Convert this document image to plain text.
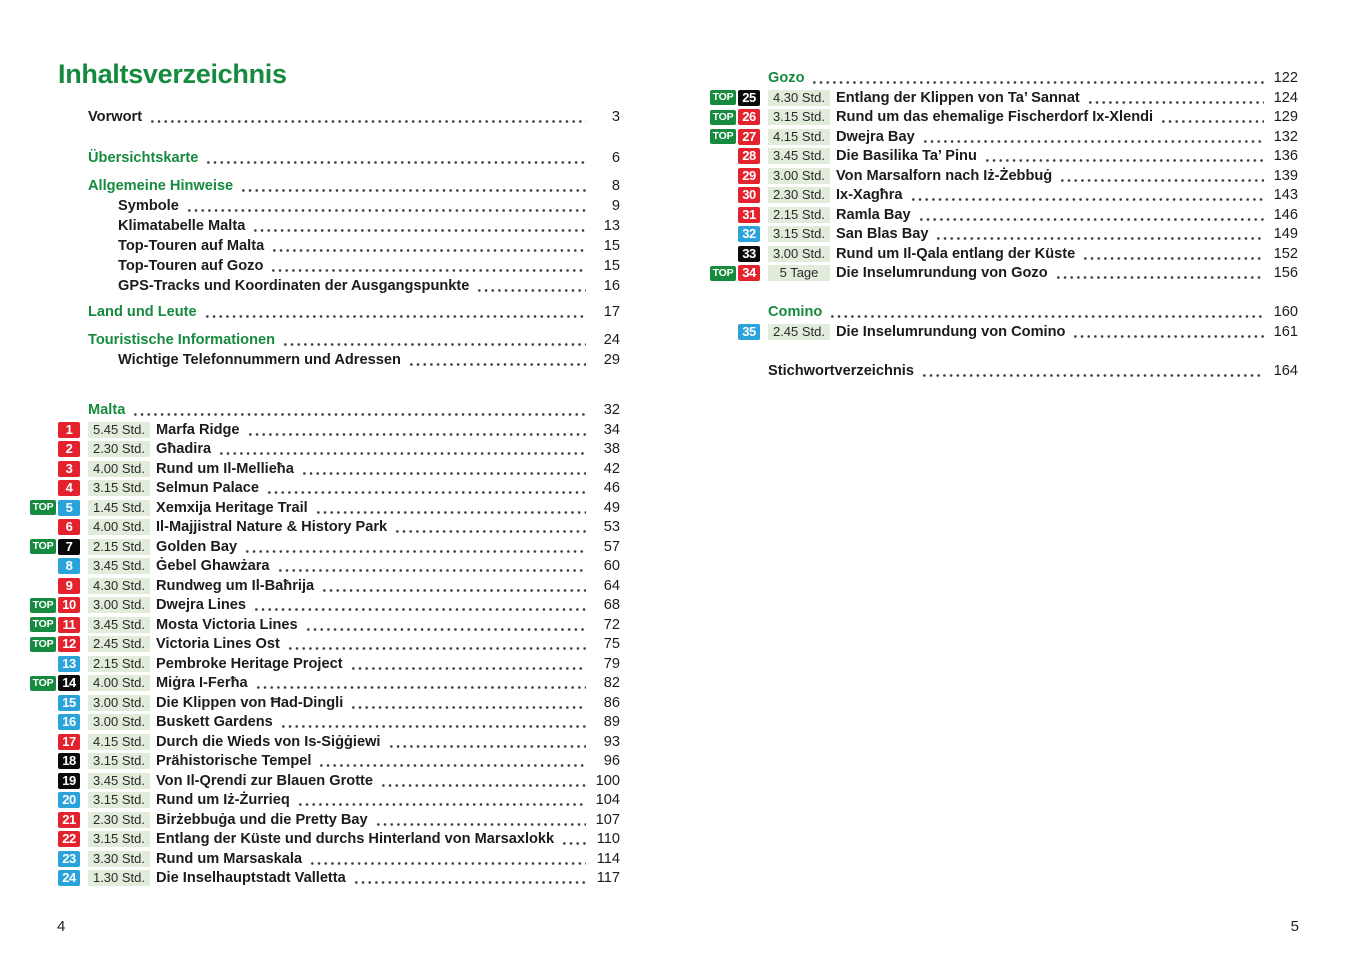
Inhaltsverzeichnis
Vorwort	3
Übersichtskarte	6
Allgemeine Hinweise	8
Symbole	9
Klimatabelle Malta	13
Top-Touren auf Malta	15
Top-Touren auf Gozo	15
GPS-Tracks und Koordinaten der Ausgangspunkte	16
Land und Leute	17
Touristische Informationen	24
Wichtige Telefonnummern und Adressen	29
Malta	32
1	5.45 Std. Marfa Ridge	34
2	2.30 Std. Għadira	38
3	4.00 Std. Rund um Il-Mellieħa	42
4	3.15 Std. Selmun Palace	46
TOP 5	1.45 Std. Xemxija Heritage Trail	49
6	4.00 Std. Il-Majjistral Nature & History Park	53
TOP 7	2.15 Std. Golden Bay	57
8	3.45 Std. Ġebel Ghawżara	60
9	4.30 Std. Rundweg um Il-Baħrija	64
TOP 10	3.00 Std. Dwejra Lines	68
TOP 11	3.45 Std. Mosta Victoria Lines	72
TOP 12	2.45 Std. Victoria Lines Ost	75
13	2.15 Std. Pembroke Heritage Project	79
TOP 14	4.00 Std. Miġra I-Ferħa	82
15	3.00 Std. Die Klippen von Ħad-Dingli	86
16	3.00 Std. Buskett Gardens	89
17	4.15 Std. Durch die Wieds von Is-Siġġiewi	93
18	3.15 Std. Prähistorische Tempel	96
19	3.45 Std. Von Il-Qrendi zur Blauen Grotte	100
20	3.15 Std. Rund um Iż-Żurrieq	104
21	2.30 Std. Birżebbuġa und die Pretty Bay	107
22	3.15 Std. Entlang der Küste und durchs Hinterland von Marsaxlokk	110
23	3.30 Std. Rund um Marsaskala	114
24	1.30 Std. Die Inselhauptstadt Valletta	117
Gozo	122
TOP 25	4.30 Std. Entlang der Klippen von Ta’ Sannat	124
TOP 26	3.15 Std. Rund um das ehemalige Fischerdorf Ix-Xlendi	129
TOP 27	4.15 Std. Dwejra Bay	132
28	3.45 Std. Die Basilika Ta’ Pinu	136
29	3.00 Std. Von Marsalforn nach Iż-Żebbuġ	139
30	2.30 Std. Ix-Xagħra	143
31	2.15 Std. Ramla Bay	146
32	3.15 Std. San Blas Bay	149
33	3.00 Std. Rund um Il-Qala entlang der Küste	152
TOP 34	5 Tage	Die Inselumrundung von Gozo	156
Comino	160
35	2.45 Std. Die Inselumrundung von Comino	161
Stichwortverzeichnis	164
4	5
